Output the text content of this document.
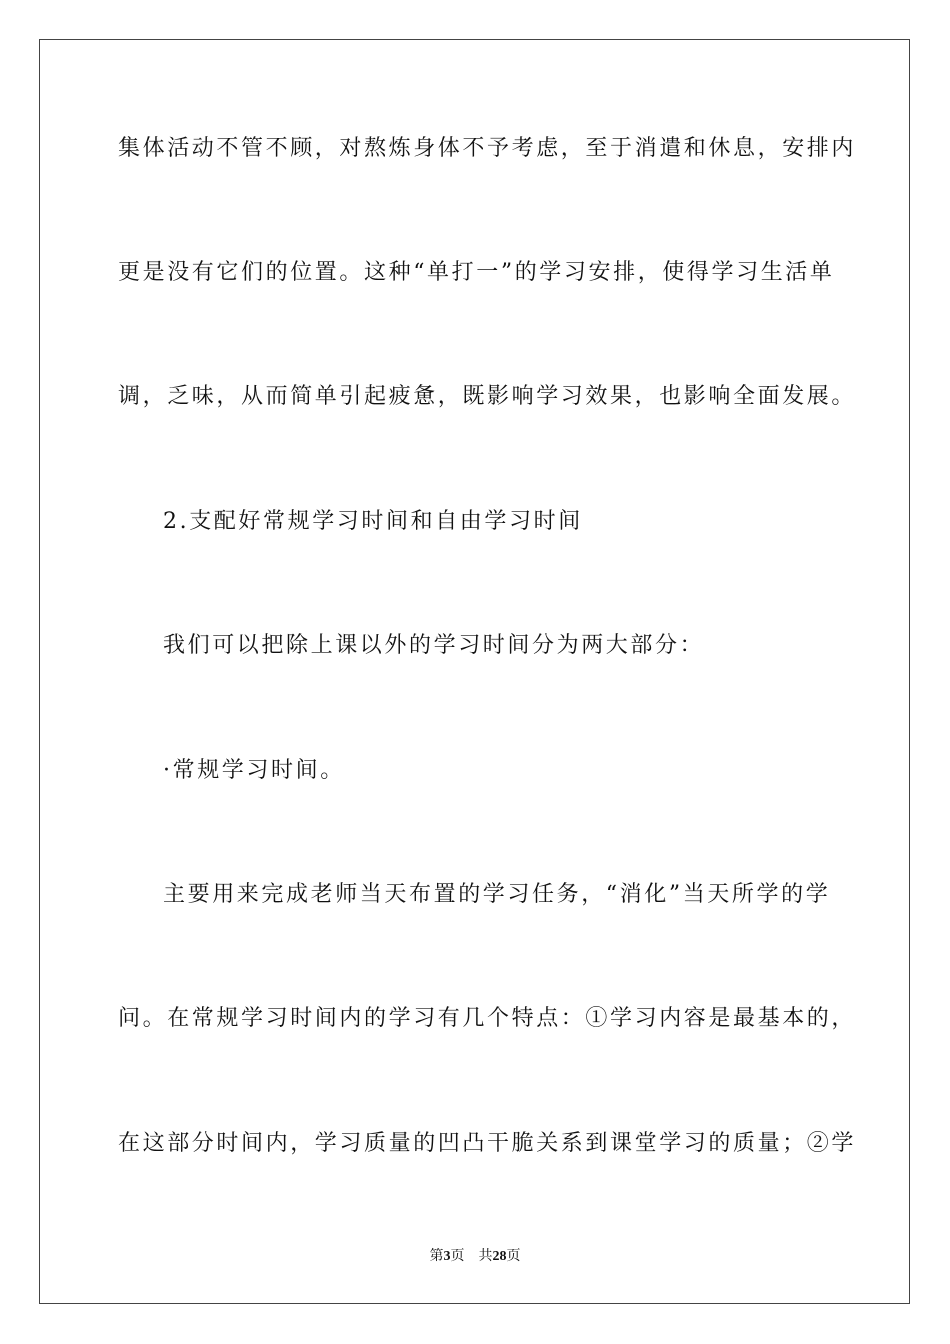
集体活动不管不顾，对熬炼身体不予考虑，至于消遣和休息，安排内
更是没有它们的位置。这种“单打一”的学习安排，使得学习生活单
调，乏味，从而简单引起疲惫，既影响学习效果，也影响全面发展。
2.支配好常规学习时间和自由学习时间
我们可以把除上课以外的学习时间分为两大部分：
·常规学习时间。
主要用来完成老师当天布置的学习任务，“消化”当天所学的学
问。在常规学习时间内的学习有几个特点：①学习内容是最基本的，
在这部分时间内，学习质量的凹凸干脆关系到课堂学习的质量；②学
第3页 共28页
